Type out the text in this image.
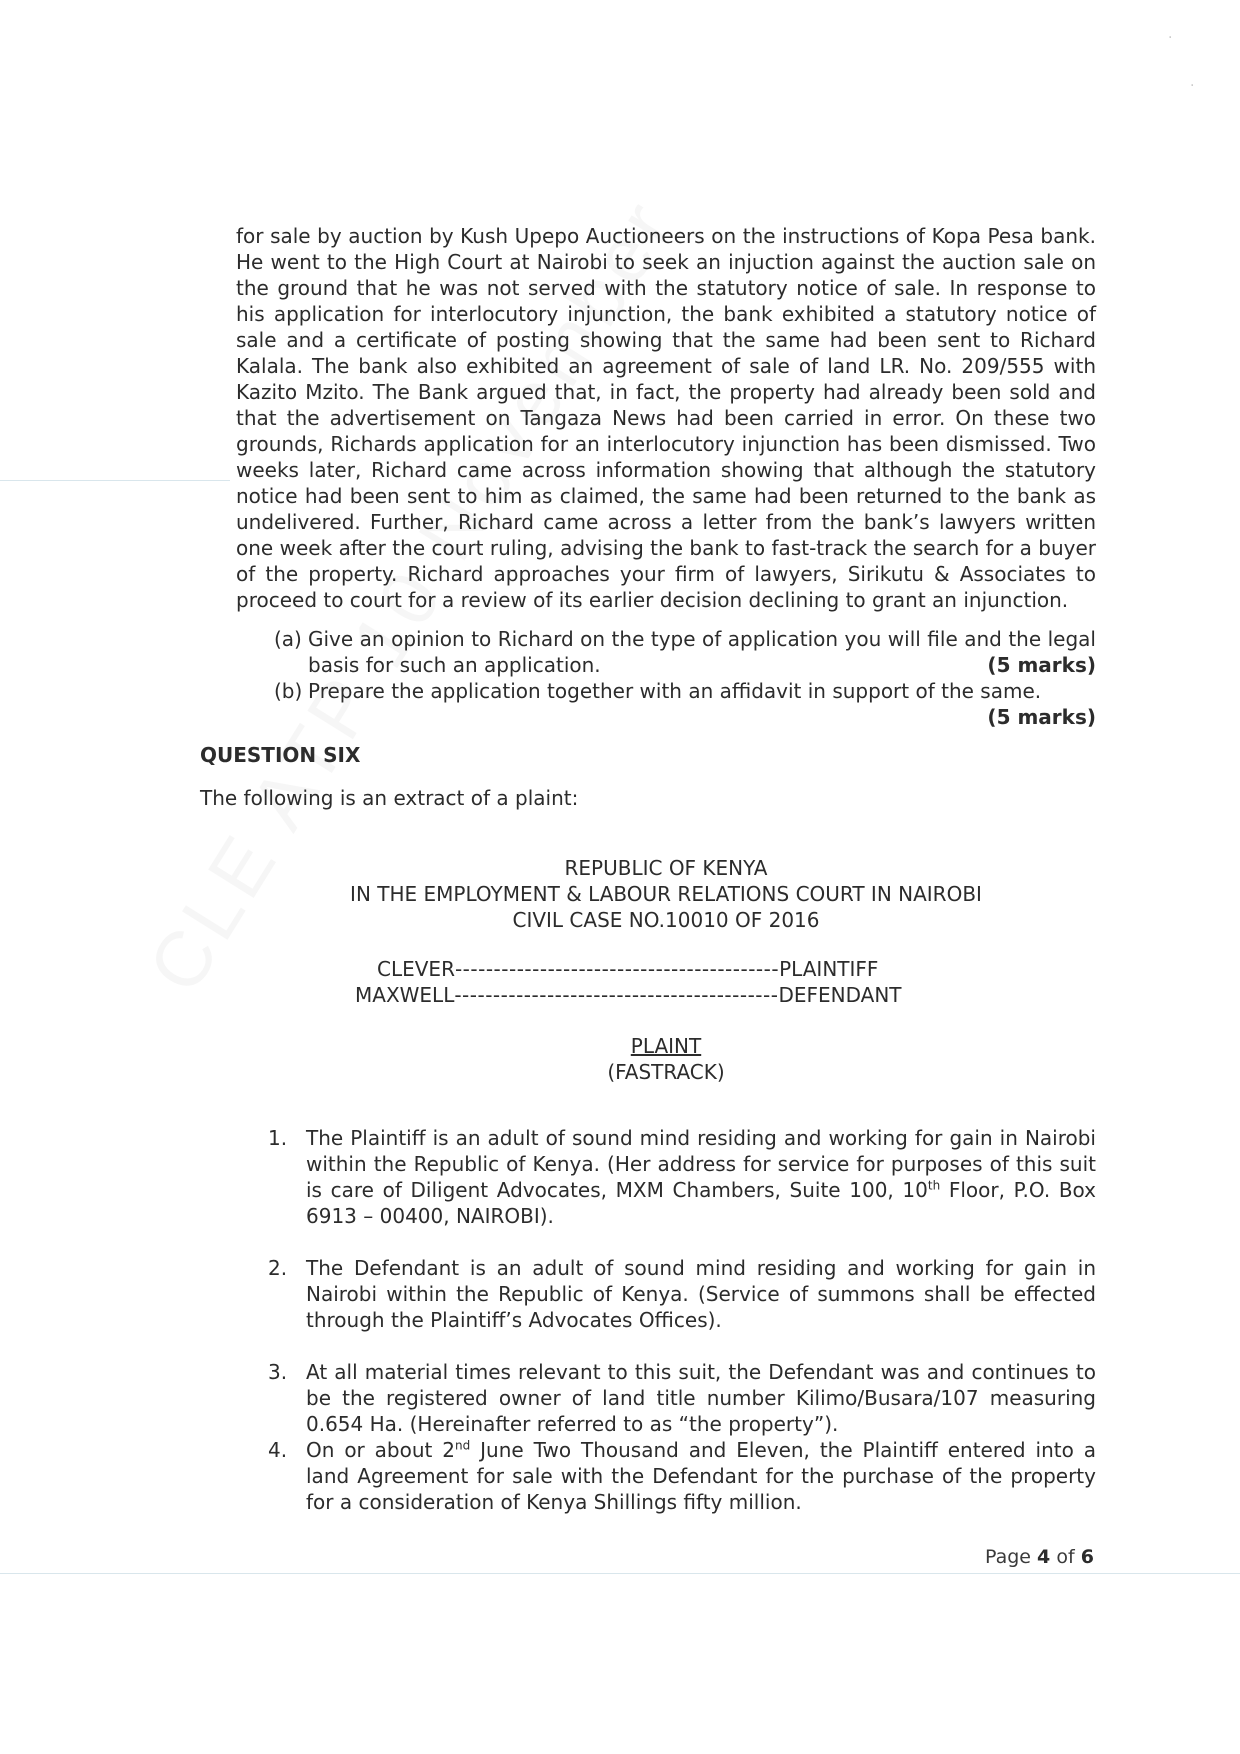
·
·

for sale by auction by Kush Upepo Auctioneers on the instructions of Kopa Pesa bank. He went to the High Court at Nairobi to seek an injuction against the auction sale on the ground that he was not served with the statutory notice of sale. In response to his application for interlocutory injunction, the bank exhibited a statutory notice of sale and a certificate of posting showing that the same had been sent to Richard Kalala. The bank also exhibited an agreement of sale of land LR. No. 209/555 with Kazito Mzito. The Bank argued that, in fact, the property had already been sold and that the advertisement on Tangaza News had been carried in error. On these two grounds, Richards application for an interlocutory injunction has been dismissed. Two weeks later, Richard came across information showing that although the statutory notice had been sent to him as claimed, the same had been returned to the bank as undelivered. Further, Richard came across a letter from the bank’s lawyers written one week after the court ruling, advising the bank to fast-track the search for a buyer of the property. Richard approaches your firm of lawyers, Sirikutu & Associates to proceed to court for a review of its earlier decision declining to grant an injunction.

(a) Give an opinion to Richard on the type of application you will file and the legal basis for such an application.	(5 marks)
(b) Prepare the application together with an affidavit in support of the same.
(5 marks)
QUESTION SIX
The following is an extract of a plaint:
REPUBLIC OF KENYA
IN THE EMPLOYMENT & LABOUR RELATIONS COURT IN NAIROBI
CIVIL CASE NO.10010 OF 2016
CLEVER ------------------------------------------ PLAINTIFF
MAXWELL ------------------------------------------ DEFENDANT
PLAINT
(FASTRACK)
1. The Plaintiff is an adult of sound mind residing and working for gain in Nairobi within the Republic of Kenya. (Her address for service for purposes of this suit is care of Diligent Advocates, MXM Chambers, Suite 100, 10th Floor, P.O. Box 6913 – 00400, NAIROBI).
2. The Defendant is an adult of sound mind residing and working for gain in Nairobi within the Republic of Kenya. (Service of summons shall be effected through the Plaintiff’s Advocates Offices).
3. At all material times relevant to this suit, the Defendant was and continues to be the registered owner of land title number Kilimo/Busara/107 measuring 0.654 Ha. (Hereinafter referred to as “the property”).
4. On or about 2nd June Two Thousand and Eleven, the Plaintiff entered into a land Agreement for sale with the Defendant for the purchase of the property for a consideration of Kenya Shillings fifty million.
Page 4 of 6
